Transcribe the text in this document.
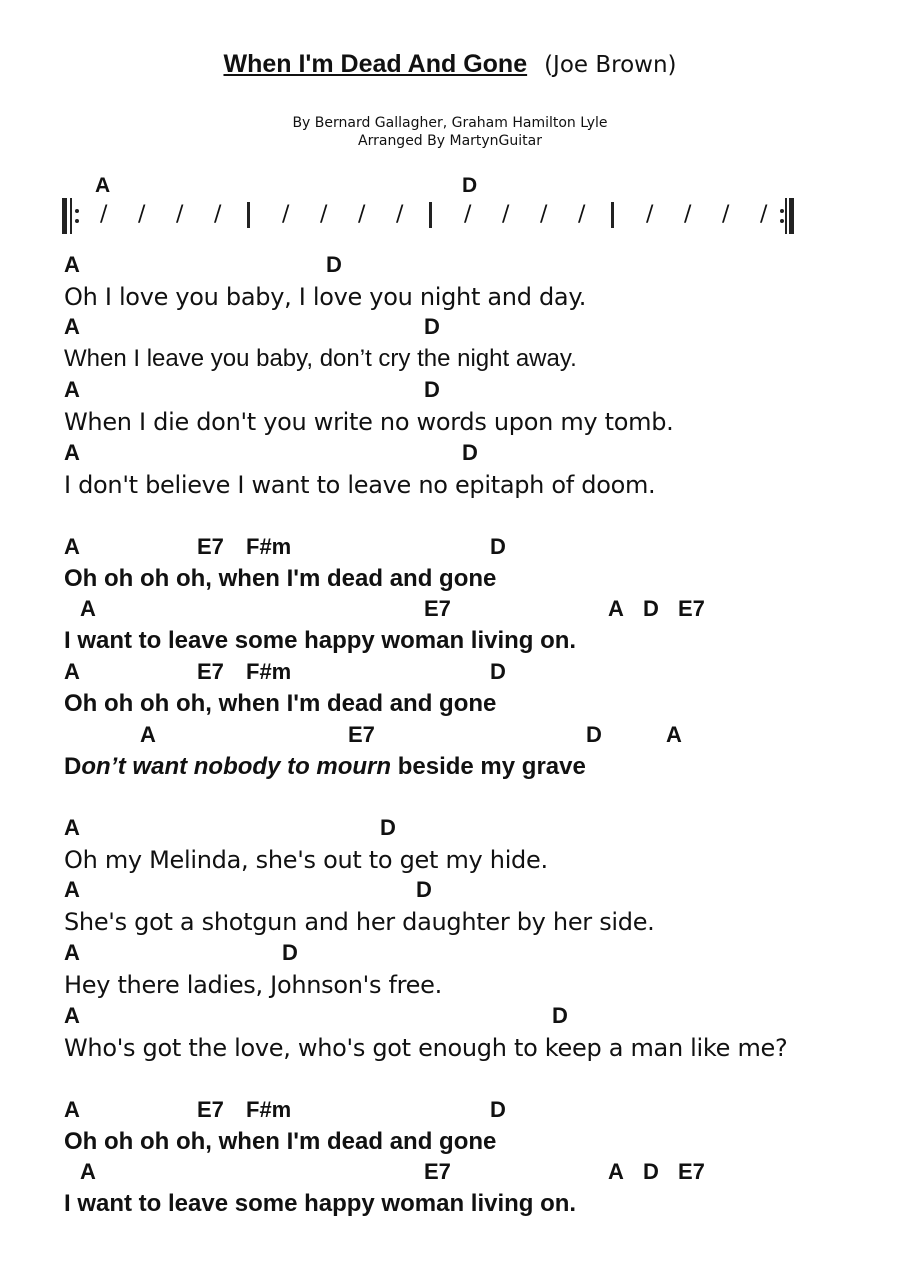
When I'm Dead And Gone (Joe Brown)
By Bernard Gallagher, Graham Hamilton Lyle
Arranged By MartynGuitar
A	D
/ / / /	/ / / /	/ / / /	/ / / /
A	D
Oh I love you baby, I love you night and day.
A	D
When I leave you baby, don’t cry the night away.
A	D
When I die don't you write no words upon my tomb.
A	D
I don't believe I want to leave no epitaph of doom.
A	E7 F#m	D
Oh oh oh oh, when I'm dead and gone
A	E7	A D E7
I want to leave some happy woman living on.
A	E7 F#m	D
Oh oh oh oh, when I'm dead and gone
A	E7	D	A
Don’t want nobody to mourn beside my grave
A	D
Oh my Melinda, she's out to get my hide.
A	D
She's got a shotgun and her daughter by her side.
A	D
Hey there ladies, Johnson's free.
A	D
Who's got the love, who's got enough to keep a man like me?
A	E7 F#m	D
Oh oh oh oh, when I'm dead and gone
A	E7	A D E7
I want to leave some happy woman living on.
